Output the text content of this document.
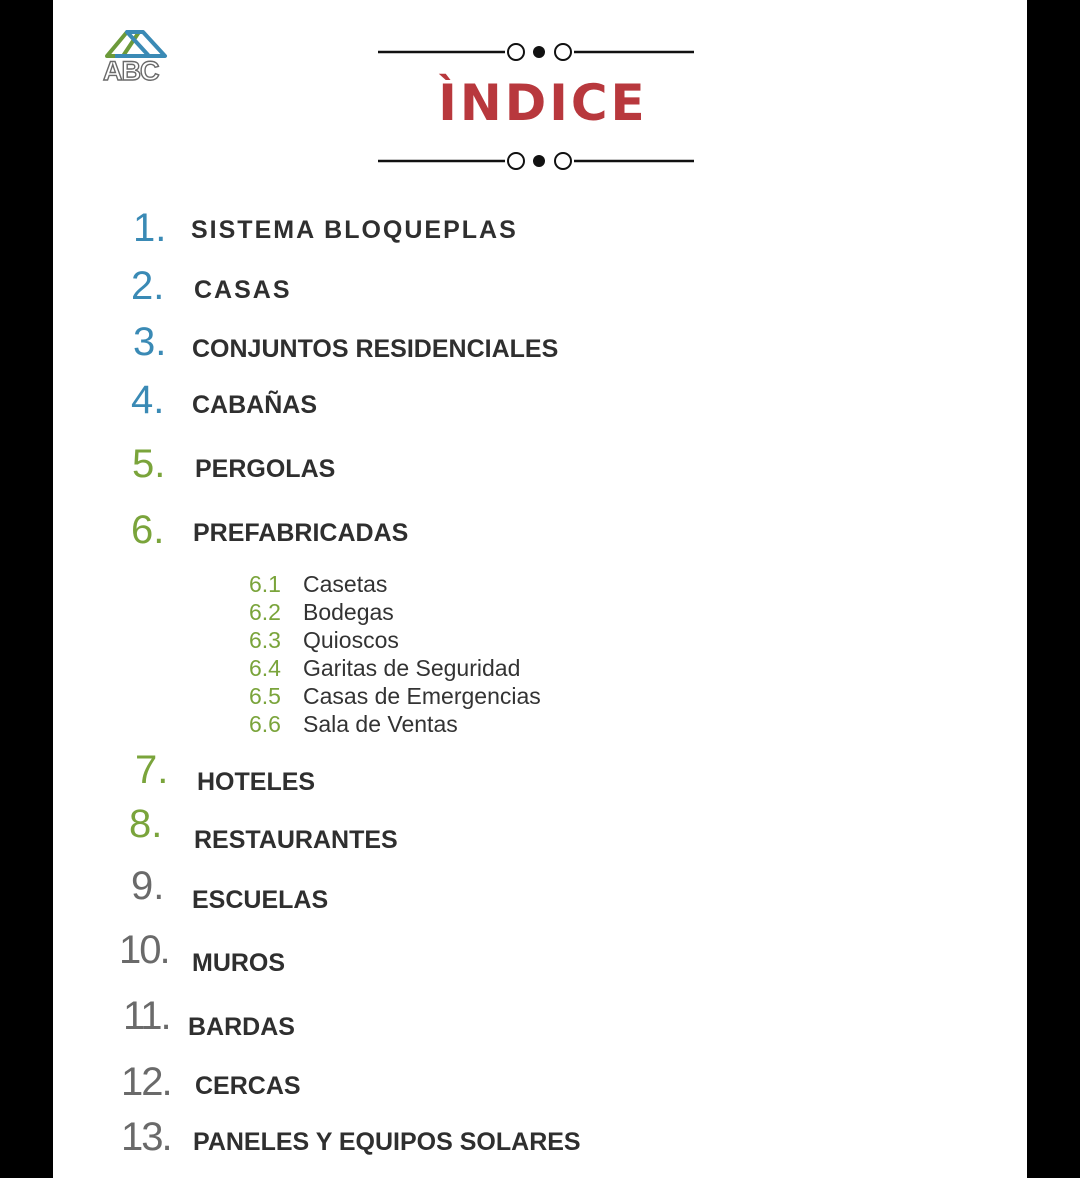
ABC
ÌNDICE
1. SISTEMA BLOQUEPLAS
2. CASAS
3. CONJUNTOS RESIDENCIALES
4. CABAÑAS
5. PERGOLAS
6. PREFABRICADAS
6.1 Casetas
6.2 Bodegas
6.3 Quioscos
6.4 Garitas de Seguridad
6.5 Casas de Emergencias
6.6 Sala de Ventas
7. HOTELES
8. RESTAURANTES
9. ESCUELAS
10. MUROS
11. BARDAS
12. CERCAS
13. PANELES Y EQUIPOS SOLARES
